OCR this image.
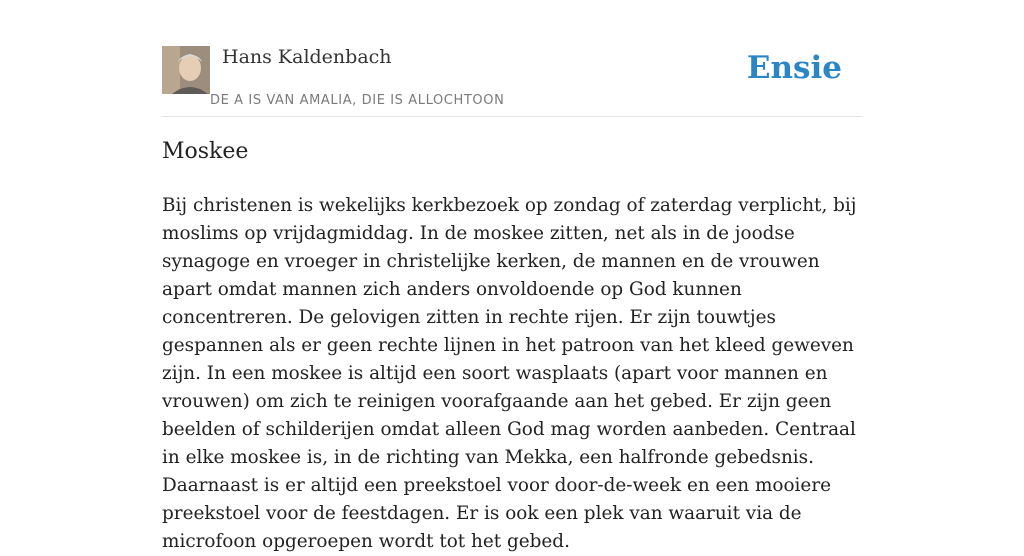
Hans Kaldenbach
DE A IS VAN AMALIA, DIE IS ALLOCHTOON
Ensie
Moskee
Bij christenen is wekelijks kerkbezoek op zondag of zaterdag verplicht, bij moslims op vrijdagmiddag. In de moskee zitten, net als in de joodse synagoge en vroeger in christelijke kerken, de mannen en de vrouwen apart omdat mannen zich anders onvoldoende op God kunnen concentreren. De gelovigen zitten in rechte rijen. Er zijn touwtjes gespannen als er geen rechte lijnen in het patroon van het kleed geweven zijn. In een moskee is altijd een soort wasplaats (apart voor mannen en vrouwen) om zich te reinigen voorafgaande aan het gebed. Er zijn geen beelden of schilderijen omdat alleen God mag worden aanbeden. Centraal in elke moskee is, in de richting van Mekka, een halfronde gebedsnis. Daarnaast is er altijd een preekstoel voor door-de-week en een mooiere preekstoel voor de feestdagen. Er is ook een plek van waaruit via de microfoon opgeroepen wordt tot het gebed.
